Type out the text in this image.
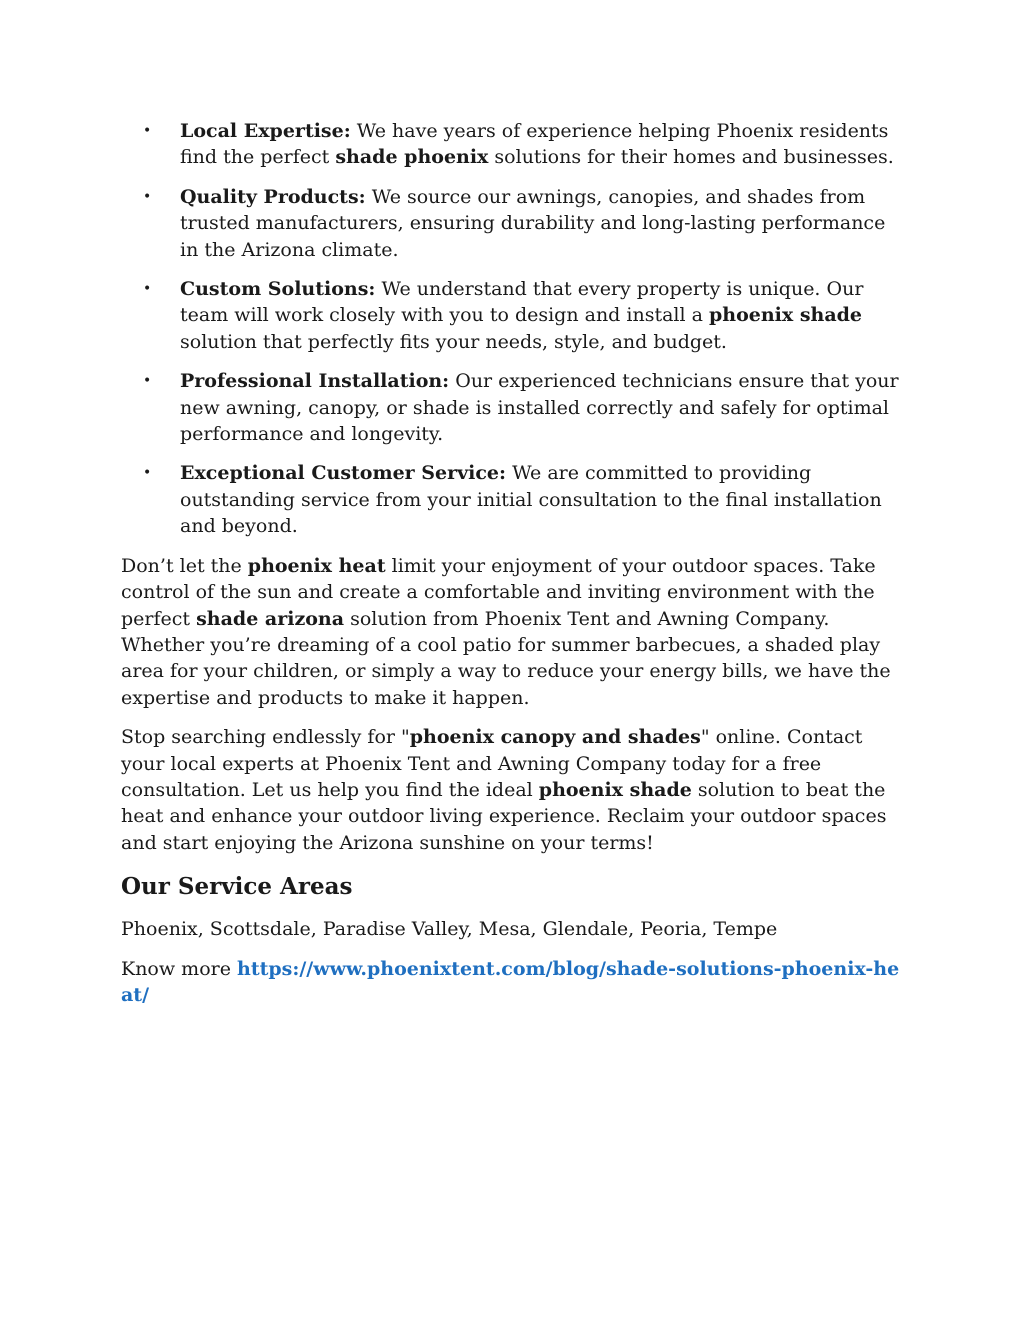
• Local Expertise: We have years of experience helping Phoenix residents find the perfect shade phoenix solutions for their homes and businesses.
• Quality Products: We source our awnings, canopies, and shades from trusted manufacturers, ensuring durability and long-lasting performance in the Arizona climate.
• Custom Solutions: We understand that every property is unique. Our team will work closely with you to design and install a phoenix shade solution that perfectly fits your needs, style, and budget.
• Professional Installation: Our experienced technicians ensure that your new awning, canopy, or shade is installed correctly and safely for optimal performance and longevity.
• Exceptional Customer Service: We are committed to providing outstanding service from your initial consultation to the final installation and beyond.

Don’t let the phoenix heat limit your enjoyment of your outdoor spaces. Take control of the sun and create a comfortable and inviting environment with the perfect shade arizona solution from Phoenix Tent and Awning Company. Whether you’re dreaming of a cool patio for summer barbecues, a shaded play area for your children, or simply a way to reduce your energy bills, we have the expertise and products to make it happen.

Stop searching endlessly for "phoenix canopy and shades" online. Contact your local experts at Phoenix Tent and Awning Company today for a free consultation. Let us help you find the ideal phoenix shade solution to beat the heat and enhance your outdoor living experience. Reclaim your outdoor spaces and start enjoying the Arizona sunshine on your terms!

Our Service Areas

Phoenix, Scottsdale, Paradise Valley, Mesa, Glendale, Peoria, Tempe

Know more https://www.phoenixtent.com/blog/shade-solutions-phoenix-heat/
